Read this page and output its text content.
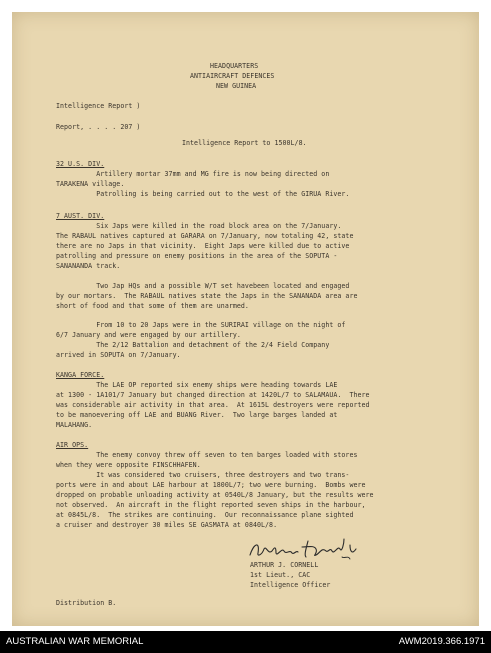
HEADQUARTERS
ANTIAIRCRAFT DEFENCES
NEW GUINEA
Intelligence Report )
Report, . . . . 207 )
Intelligence Report to 1500L/8.
32 U.S. DIV.
Artillery mortar 37mm and MG fire is now being directed on
TARAKENA village.
Patrolling is being carried out to the west of the GIRUA River.
7 AUST. DIV.
Six Japs were killed in the road block area on the 7/January.
The RABAUL natives captured at GARARA on 7/January, now totaling 42, state
there are no Japs in that vicinity.  Eight Japs were killed due to active
patrolling and pressure on enemy positions in the area of the SOPUTA -
SANANANDA track.
Two Jap HQs and a possible W/T set havebeen located and engaged
by our mortars.  The RABAUL natives state the Japs in the SANANADA area are
short of food and that some of them are unarmed.
From 10 to 20 Japs were in the SURIRAI village on the night of
6/7 January and were engaged by our artillery.
The 2/12 Battalion and detachment of the 2/4 Field Company
arrived in SOPUTA on 7/January.
KANGA FORCE.
The LAE OP reported six enemy ships were heading towards LAE
at 1300 - 1A101/7 January but changed direction at 1420L/7 to SALAMAUA.  There
was considerable air activity in that area.  At 1615L destroyers were reported
to be manoevering off LAE and BUANG River.  Two large barges landed at
MALAHANG.
AIR OPS.
The enemy convoy threw off seven to ten barges loaded with stores
when they were opposite FINSCHHAFEN.
It was considered two cruisers, three destroyers and two trans-
ports were in and about LAE harbour at 1800L/7; two were burning.  Bombs were
dropped on probable unloading activity at 0540L/8 January, but the results were
not observed.  An aircraft in the flight reported seven ships in the harbour,
at 0845L/8.  The strikes are continuing.  Our reconnaissance plane sighted
a cruiser and destroyer 30 miles SE GASMATA at 0840L/8.
ARTHUR J. CORNELL
1st Lieut., CAC
Intelligence Officer
Distribution B.
AUSTRALIAN WAR MEMORIAL	AWM2019.366.1971
